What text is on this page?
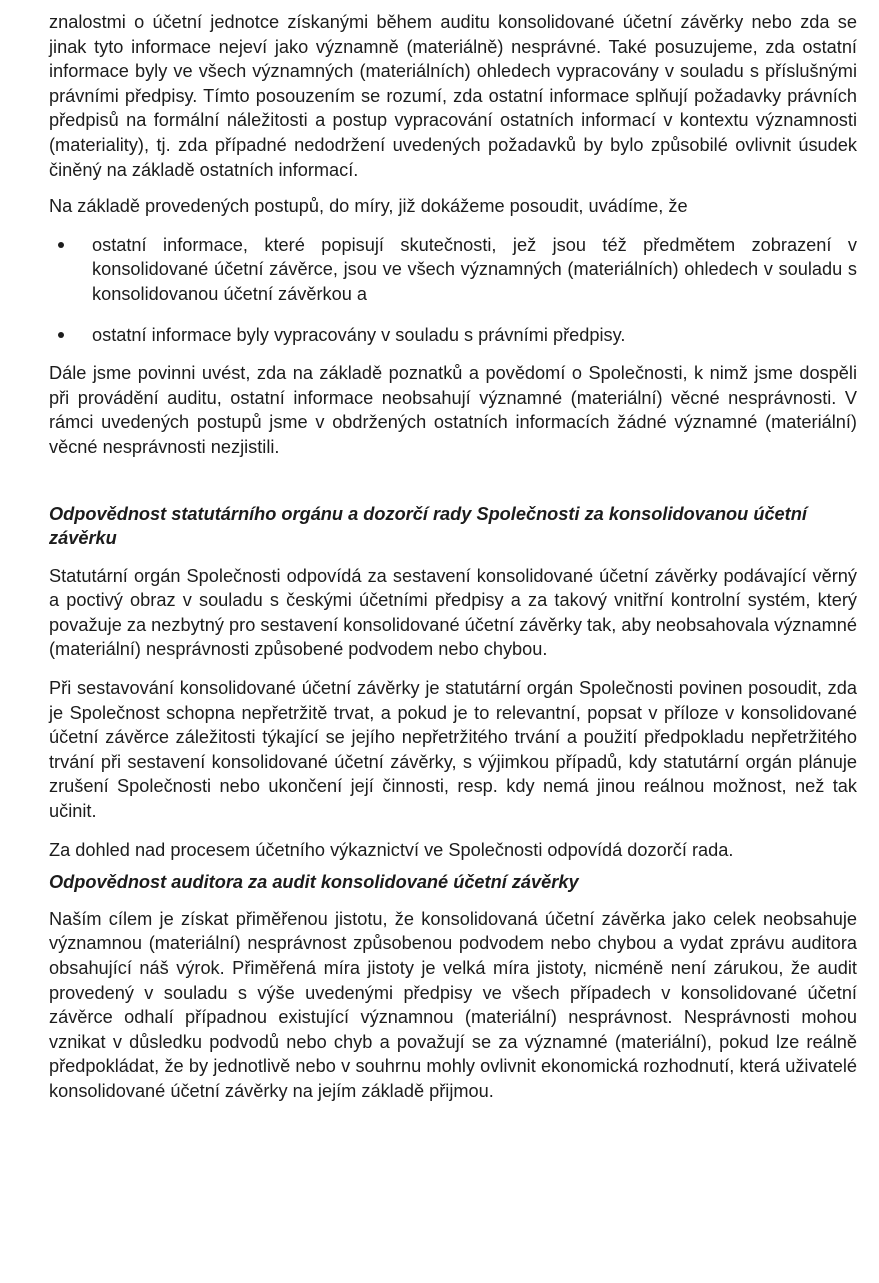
znalostmi o účetní jednotce získanými během auditu konsolidované účetní závěrky nebo zda se jinak tyto informace nejeví jako významně (materiálně) nesprávné. Také posuzujeme, zda ostatní informace byly ve všech významných (materiálních) ohledech vypracovány v souladu s příslušnými právními předpisy. Tímto posouzením se rozumí, zda ostatní informace splňují požadavky právních předpisů na formální náležitosti a postup vypracování ostatních informací v kontextu významnosti (materiality), tj. zda případné nedodržení uvedených požadavků by bylo způsobilé ovlivnit úsudek činěný na základě ostatních informací.

Na základě provedených postupů, do míry, již dokážeme posoudit, uvádíme, že

ostatní informace, které popisují skutečnosti, jež jsou též předmětem zobrazení v konsolidované účetní závěrce, jsou ve všech významných (materiálních) ohledech v souladu s konsolidovanou účetní závěrkou a
ostatní informace byly vypracovány v souladu s právními předpisy.

Dále jsme povinni uvést, zda na základě poznatků a povědomí o Společnosti, k nimž jsme dospěli při provádění auditu, ostatní informace neobsahují významné (materiální) věcné nesprávnosti. V rámci uvedených postupů jsme v obdržených ostatních informacích žádné významné (materiální) věcné nesprávnosti nezjistili.

Odpovědnost statutárního orgánu a dozorčí rady Společnosti za konsolidovanou účetní závěrku

Statutární orgán Společnosti odpovídá za sestavení konsolidované účetní závěrky podávající věrný a poctivý obraz v souladu s českými účetními předpisy a za takový vnitřní kontrolní systém, který považuje za nezbytný pro sestavení konsolidované účetní závěrky tak, aby neobsahovala významné (materiální) nesprávnosti způsobené podvodem nebo chybou.

Při sestavování konsolidované účetní závěrky je statutární orgán Společnosti povinen posoudit, zda je Společnost schopna nepřetržitě trvat, a pokud je to relevantní, popsat v příloze v konsolidované účetní závěrce záležitosti týkající se jejího nepřetržitého trvání a použití předpokladu nepřetržitého trvání při sestavení konsolidované účetní závěrky, s výjimkou případů, kdy statutární orgán plánuje zrušení Společnosti nebo ukončení její činnosti, resp. kdy nemá jinou reálnou možnost, než tak učinit.

Za dohled nad procesem účetního výkaznictví ve Společnosti odpovídá dozorčí rada.

Odpovědnost auditora za audit konsolidované účetní závěrky

Naším cílem je získat přiměřenou jistotu, že konsolidovaná účetní závěrka jako celek neobsahuje významnou (materiální) nesprávnost způsobenou podvodem nebo chybou a vydat zprávu auditora obsahující náš výrok. Přiměřená míra jistoty je velká míra jistoty, nicméně není zárukou, že audit provedený v souladu s výše uvedenými předpisy ve všech případech v konsolidované účetní závěrce odhalí případnou existující významnou (materiální) nesprávnost. Nesprávnosti mohou vznikat v důsledku podvodů nebo chyb a považují se za významné (materiální), pokud lze reálně předpokládat, že by jednotlivě nebo v souhrnu mohly ovlivnit ekonomická rozhodnutí, která uživatelé konsolidované účetní závěrky na jejím základě přijmou.
